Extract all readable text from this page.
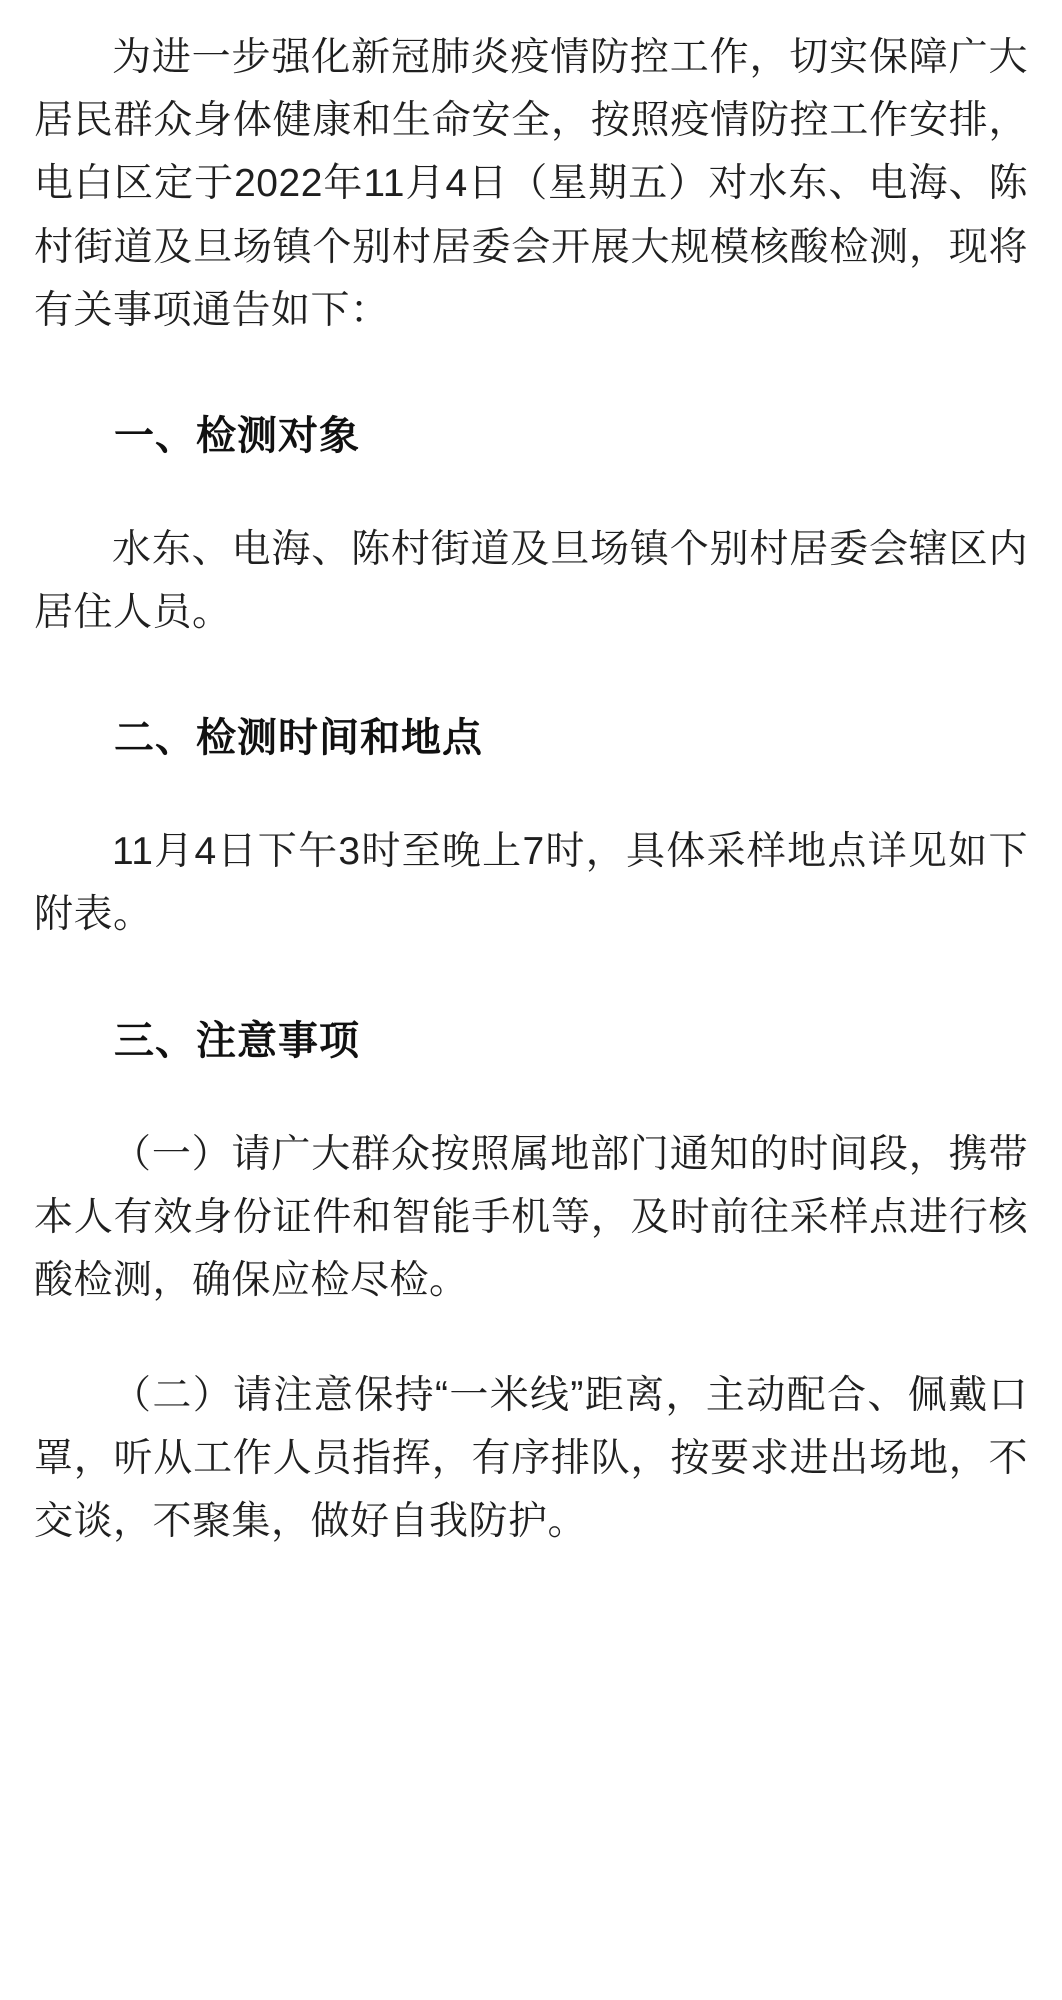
为进一步强化新冠肺炎疫情防控工作，切实保障广大居民群众身体健康和生命安全，按照疫情防控工作安排，电白区定于2022年11月4日（星期五）对水东、电海、陈村街道及旦场镇个别村居委会开展大规模核酸检测，现将有关事项通告如下：

一、检测对象

水东、电海、陈村街道及旦场镇个别村居委会辖区内居住人员。

二、检测时间和地点

11月4日下午3时至晚上7时，具体采样地点详见如下附表。

三、注意事项

（一）请广大群众按照属地部门通知的时间段，携带本人有效身份证件和智能手机等，及时前往采样点进行核酸检测，确保应检尽检。

（二）请注意保持“一米线”距离，主动配合、佩戴口罩，听从工作人员指挥，有序排队，按要求进出场地，不交谈，不聚集，做好自我防护。
